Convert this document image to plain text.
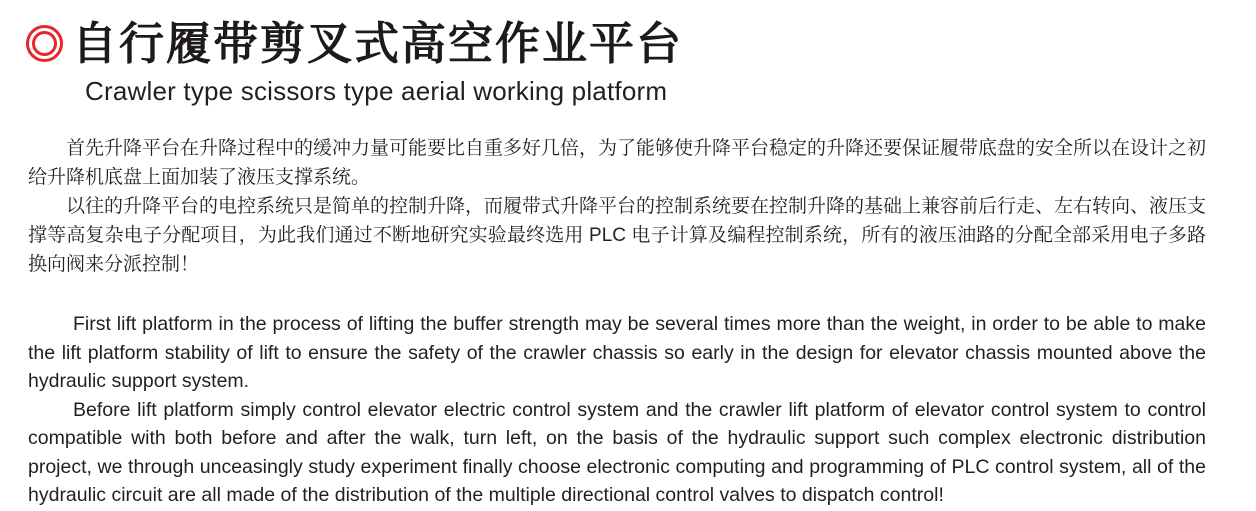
自行履带剪叉式高空作业平台
Crawler type scissors type aerial working platform

首先升降平台在升降过程中的缓冲力量可能要比自重多好几倍，为了能够使升降平台稳定的升降还要保证履带底盘的安全所以在设计之初给升降机底盘上面加装了液压支撑系统。

以往的升降平台的电控系统只是简单的控制升降，而履带式升降平台的控制系统要在控制升降的基础上兼容前后行走、左右转向、液压支撑等高复杂电子分配项目，为此我们通过不断地研究实验最终选用 PLC 电子计算及编程控制系统，所有的液压油路的分配全部采用电子多路换向阀来分派控制！

First lift platform in the process of lifting the buffer strength may be several times more than the weight, in order to be able to make the lift platform stability of lift to ensure the safety of the crawler chassis so early in the design for elevator chassis mounted above the hydraulic support system.

Before lift platform simply control elevator electric control system and the crawler lift platform of elevator control system to control compatible with both before and after the walk, turn left, on the basis of the hydraulic support such complex electronic distribution project, we through unceasingly study experiment finally choose electronic computing and programming of PLC control system, all of the hydraulic circuit are all made of the distribution of the multiple directional control valves to dispatch control!
